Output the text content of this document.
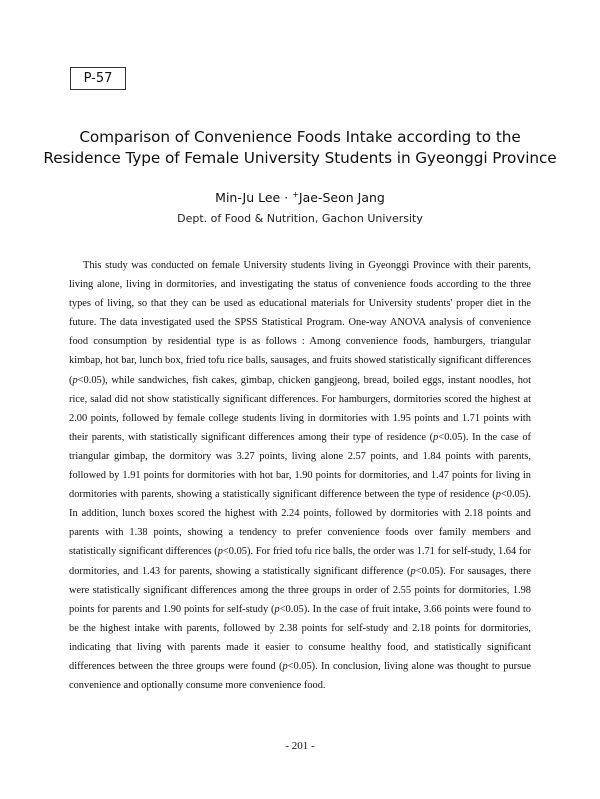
P-57
Comparison of Convenience Foods Intake according to the
Residence Type of Female University Students in Gyeonggi Province
Min-Ju Lee · +Jae-Seon Jang
Dept. of Food & Nutrition, Gachon University

This study was conducted on female University students living in Gyeonggi Province with their parents, living alone, living in dormitories, and investigating the status of convenience foods according to the three types of living, so that they can be used as educational materials for University students' proper diet in the future. The data investigated used the SPSS Statistical Program. One-way ANOVA analysis of convenience food consumption by residential type is as follows : Among convenience foods, hamburgers, triangular kimbap, hot bar, lunch box, fried tofu rice balls, sausages, and fruits showed statistically significant differences (p<0.05), while sandwiches, fish cakes, gimbap, chicken gangjeong, bread, boiled eggs, instant noodles, hot rice, salad did not show statistically significant differences. For hamburgers, dormitories scored the highest at 2.00 points, followed by female college students living in dormitories with 1.95 points and 1.71 points with their parents, with statistically significant differences among their type of residence (p<0.05). In the case of triangular gimbap, the dormitory was 3.27 points, living alone 2.57 points, and 1.84 points with parents, followed by 1.91 points for dormitories with hot bar, 1.90 points for dormitories, and 1.47 points for living in dormitories with parents, showing a statistically significant difference between the type of residence (p<0.05). In addition, lunch boxes scored the highest with 2.24 points, followed by dormitories with 2.18 points and parents with 1.38 points, showing a tendency to prefer convenience foods over family members and statistically significant differences (p<0.05). For fried tofu rice balls, the order was 1.71 for self-study, 1.64 for dormitories, and 1.43 for parents, showing a statistically significant difference (p<0.05). For sausages, there were statistically significant differences among the three groups in order of 2.55 points for dormitories, 1.98 points for parents and 1.90 points for self-study (p<0.05). In the case of fruit intake, 3.66 points were found to be the highest intake with parents, followed by 2.38 points for self-study and 2.18 points for dormitories, indicating that living with parents made it easier to consume healthy food, and statistically significant differences between the three groups were found (p<0.05). In conclusion, living alone was thought to pursue convenience and optionally consume more convenience food.

- 201 -
